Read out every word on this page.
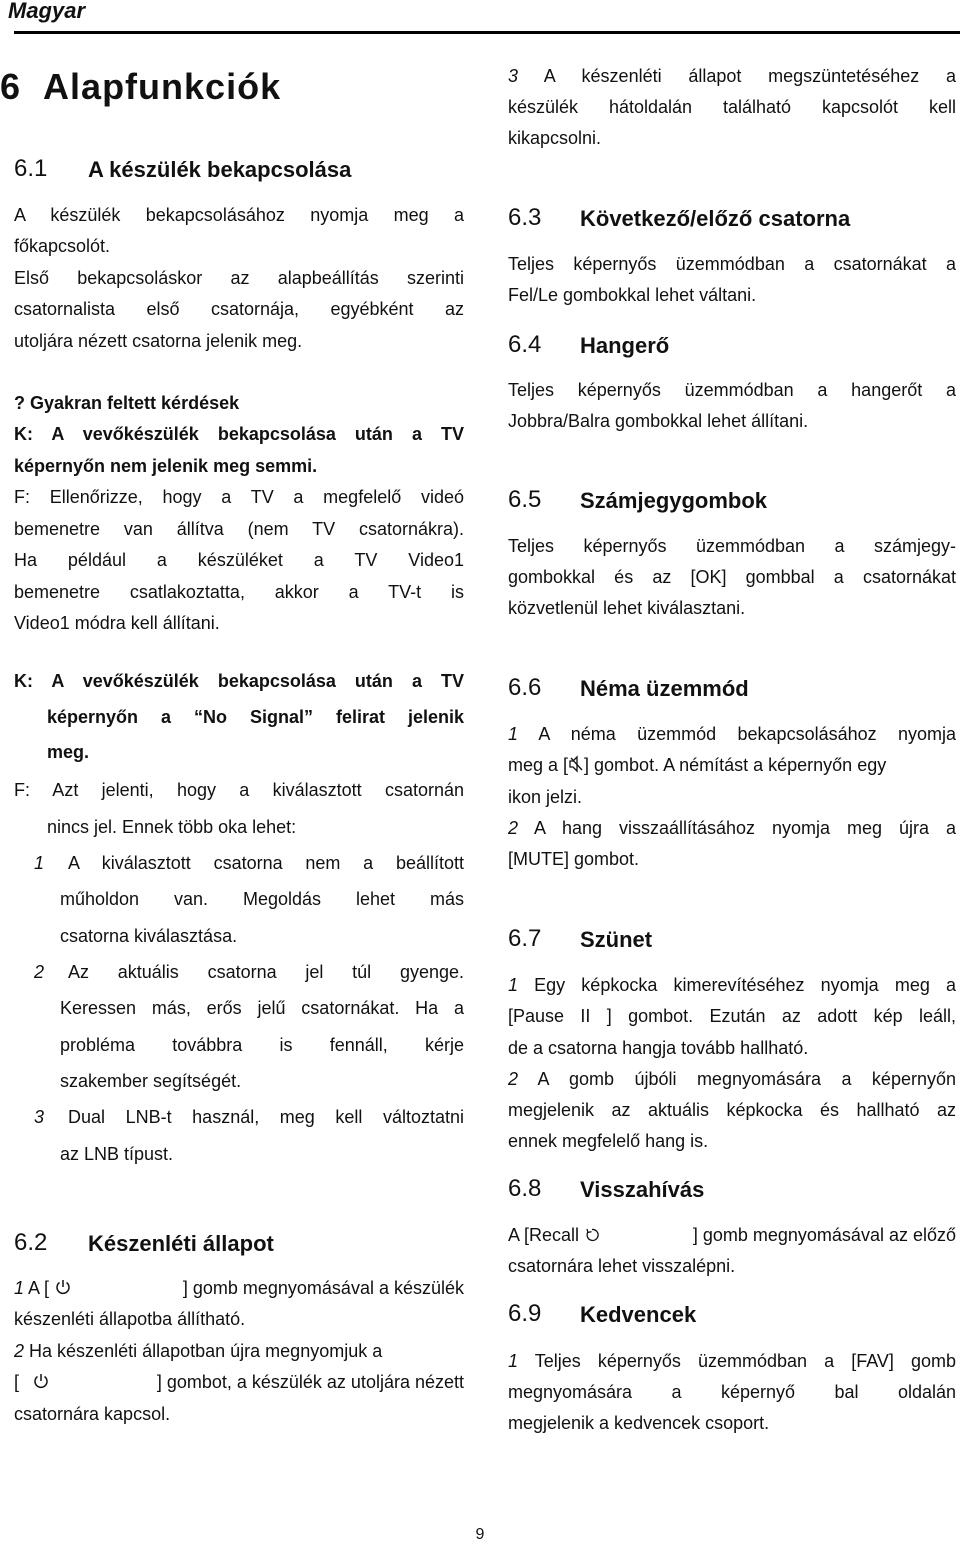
Magyar
6 Alapfunkciók
6.1 A készülék bekapcsolása
A készülék bekapcsolásához nyomja meg a
főkapcsolót.
Első bekapcsoláskor az alapbeállítás szerinti
csatornalista első csatornája, egyébként az
utoljára nézett csatorna jelenik meg.
? Gyakran feltett kérdések
K: A vevőkészülék bekapcsolása után a TV
képernyőn nem jelenik meg semmi.
F: Ellenőrizze, hogy a TV a megfelelő videó
bemenetre van állítva (nem TV csatornákra).
Ha például a készüléket a TV Video1
bemenetre csatlakoztatta, akkor a TV-t is
Video1 módra kell állítani.
K: A vevőkészülék bekapcsolása után a TV
képernyőn a “No Signal” felirat jelenik
meg.
F: Azt jelenti, hogy a kiválasztott csatornán
nincs jel. Ennek több oka lehet:
1 A kiválasztott csatorna nem a beállított
műholdon van. Megoldás lehet más
csatorna kiválasztása.
2 Az aktuális csatorna jel túl gyenge.
Keressen más, erős jelű csatornákat. Ha a
probléma továbbra is fennáll, kérje
szakember segítségét.
3 Dual LNB-t használ, meg kell változtatni
az LNB típust.
6.2 Készenléti állapot
1 A [	] gomb megnyomásával a készülék
készenléti állapotba állítható.
2 Ha készenléti állapotban újra megnyomjuk a
[	] gombot, a készülék az utoljára nézett
csatornára kapcsol.
3 A készenléti állapot megszüntetéséhez a
készülék hátoldalán található kapcsolót kell
kikapcsolni.
6.3 Következő/előző csatorna
Teljes képernyős üzemmódban a csatornákat a
Fel/Le gombokkal lehet váltani.
6.4 Hangerő
Teljes képernyős üzemmódban a hangerőt a
Jobbra/Balra gombokkal lehet állítani.
6.5 Számjegygombok
Teljes képernyős üzemmódban a számjegy-
gombokkal és az [OK] gombbal a csatornákat
közvetlenül lehet kiválasztani.
6.6 Néma üzemmód
1 A néma üzemmód bekapcsolásához nyomja
meg a [ ] gombot. A némítást a képernyőn egy
ikon jelzi.
2 A hang visszaállításához nyomja meg újra a
[MUTE] gombot.
6.7 Szünet
1 Egy képkocka kimerevítéséhez nyomja meg a
[Pause II ] gombot. Ezután az adott kép leáll,
de a csatorna hangja tovább hallható.
2 A gomb újbóli megnyomására a képernyőn
megjelenik az aktuális képkocka és hallható az
ennek megfelelő hang is.
6.8 Visszahívás
A [Recall	] gomb megnyomásával az előző
csatornára lehet visszalépni.
6.9 Kedvencek
1 Teljes képernyős üzemmódban a [FAV] gomb
megnyomására a képernyő bal oldalán
megjelenik a kedvencek csoport.
9
